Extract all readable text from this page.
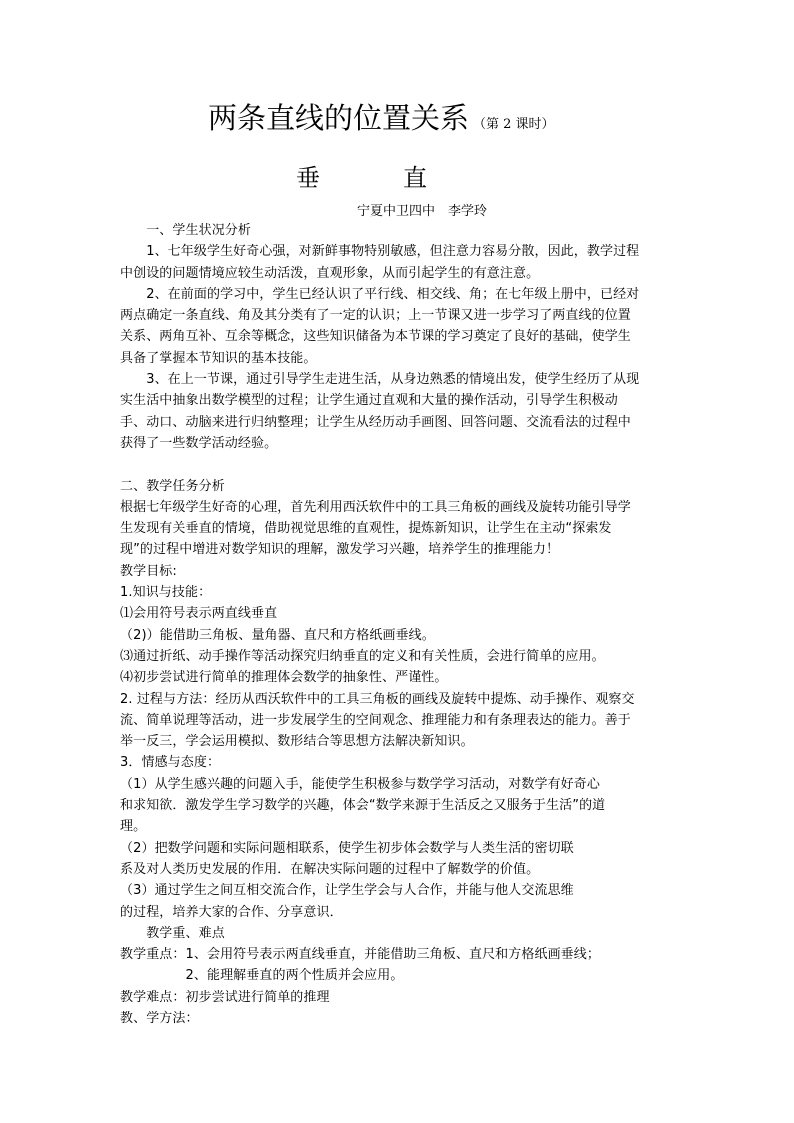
两条直线的位置关系 （第 2 课时）
垂	直
宁夏中卫四中　李学玲
　　一、学生状况分析
　　1、七年级学生好奇心强，对新鲜事物特别敏感，但注意力容易分散，因此，教学过程
中创设的问题情境应较生动活泼，直观形象，从而引起学生的有意注意。
　　2、在前面的学习中，学生已经认识了平行线、相交线、角；在七年级上册中，已经对
两点确定一条直线、角及其分类有了一定的认识；上一节课又进一步学习了两直线的位置
关系、两角互补、互余等概念，这些知识储备为本节课的学习奠定了良好的基础，使学生
具备了掌握本节知识的基本技能。
　　3、在上一节课，通过引导学生走进生活，从身边熟悉的情境出发，使学生经历了从现
实生活中抽象出数学模型的过程；让学生通过直观和大量的操作活动，引导学生积极动
手、动口、动脑来进行归纳整理；让学生从经历动手画图、回答问题、交流看法的过程中
获得了一些数学活动经验。
二、教学任务分析
根据七年级学生好奇的心理，首先利用西沃软件中的工具三角板的画线及旋转功能引导学
生发现有关垂直的情境，借助视觉思维的直观性，提炼新知识，让学生在主动“探索发
现”的过程中增进对数学知识的理解，激发学习兴趣，培养学生的推理能力！
教学目标:
1.知识与技能：
⑴会用符号表示两直线垂直
（2)）能借助三角板、量角器、直尺和方格纸画垂线。
⑶通过折纸、动手操作等活动探究归纳垂直的定义和有关性质，会进行简单的应用。
⑷初步尝试进行简单的推理体会数学的抽象性、严谨性。
2. 过程与方法：经历从西沃软件中的工具三角板的画线及旋转中提炼、动手操作、观察交
流、简单说理等活动，进一步发展学生的空间观念、推理能力和有条理表达的能力。善于
举一反三，学会运用模拟、数形结合等思想方法解决新知识。
3．情感与态度：
（1）从学生感兴趣的问题入手，能使学生积极参与数学学习活动，对数学有好奇心
和求知欲．激发学生学习数学的兴趣，体会“数学来源于生活反之又服务于生活”的道
理。
（2）把数学问题和实际问题相联系，使学生初步体会数学与人类生活的密切联
系及对人类历史发展的作用．在解决实际问题的过程中了解数学的价值。
（3）通过学生之间互相交流合作，让学生学会与人合作，并能与他人交流思维
的过程，培养大家的合作、分享意识．
　　教学重、难点
教学重点：1、会用符号表示两直线垂直，并能借助三角板、直尺和方格纸画垂线；
　　　　　2、能理解垂直的两个性质并会应用。
教学难点：初步尝试进行简单的推理
教、学方法：
